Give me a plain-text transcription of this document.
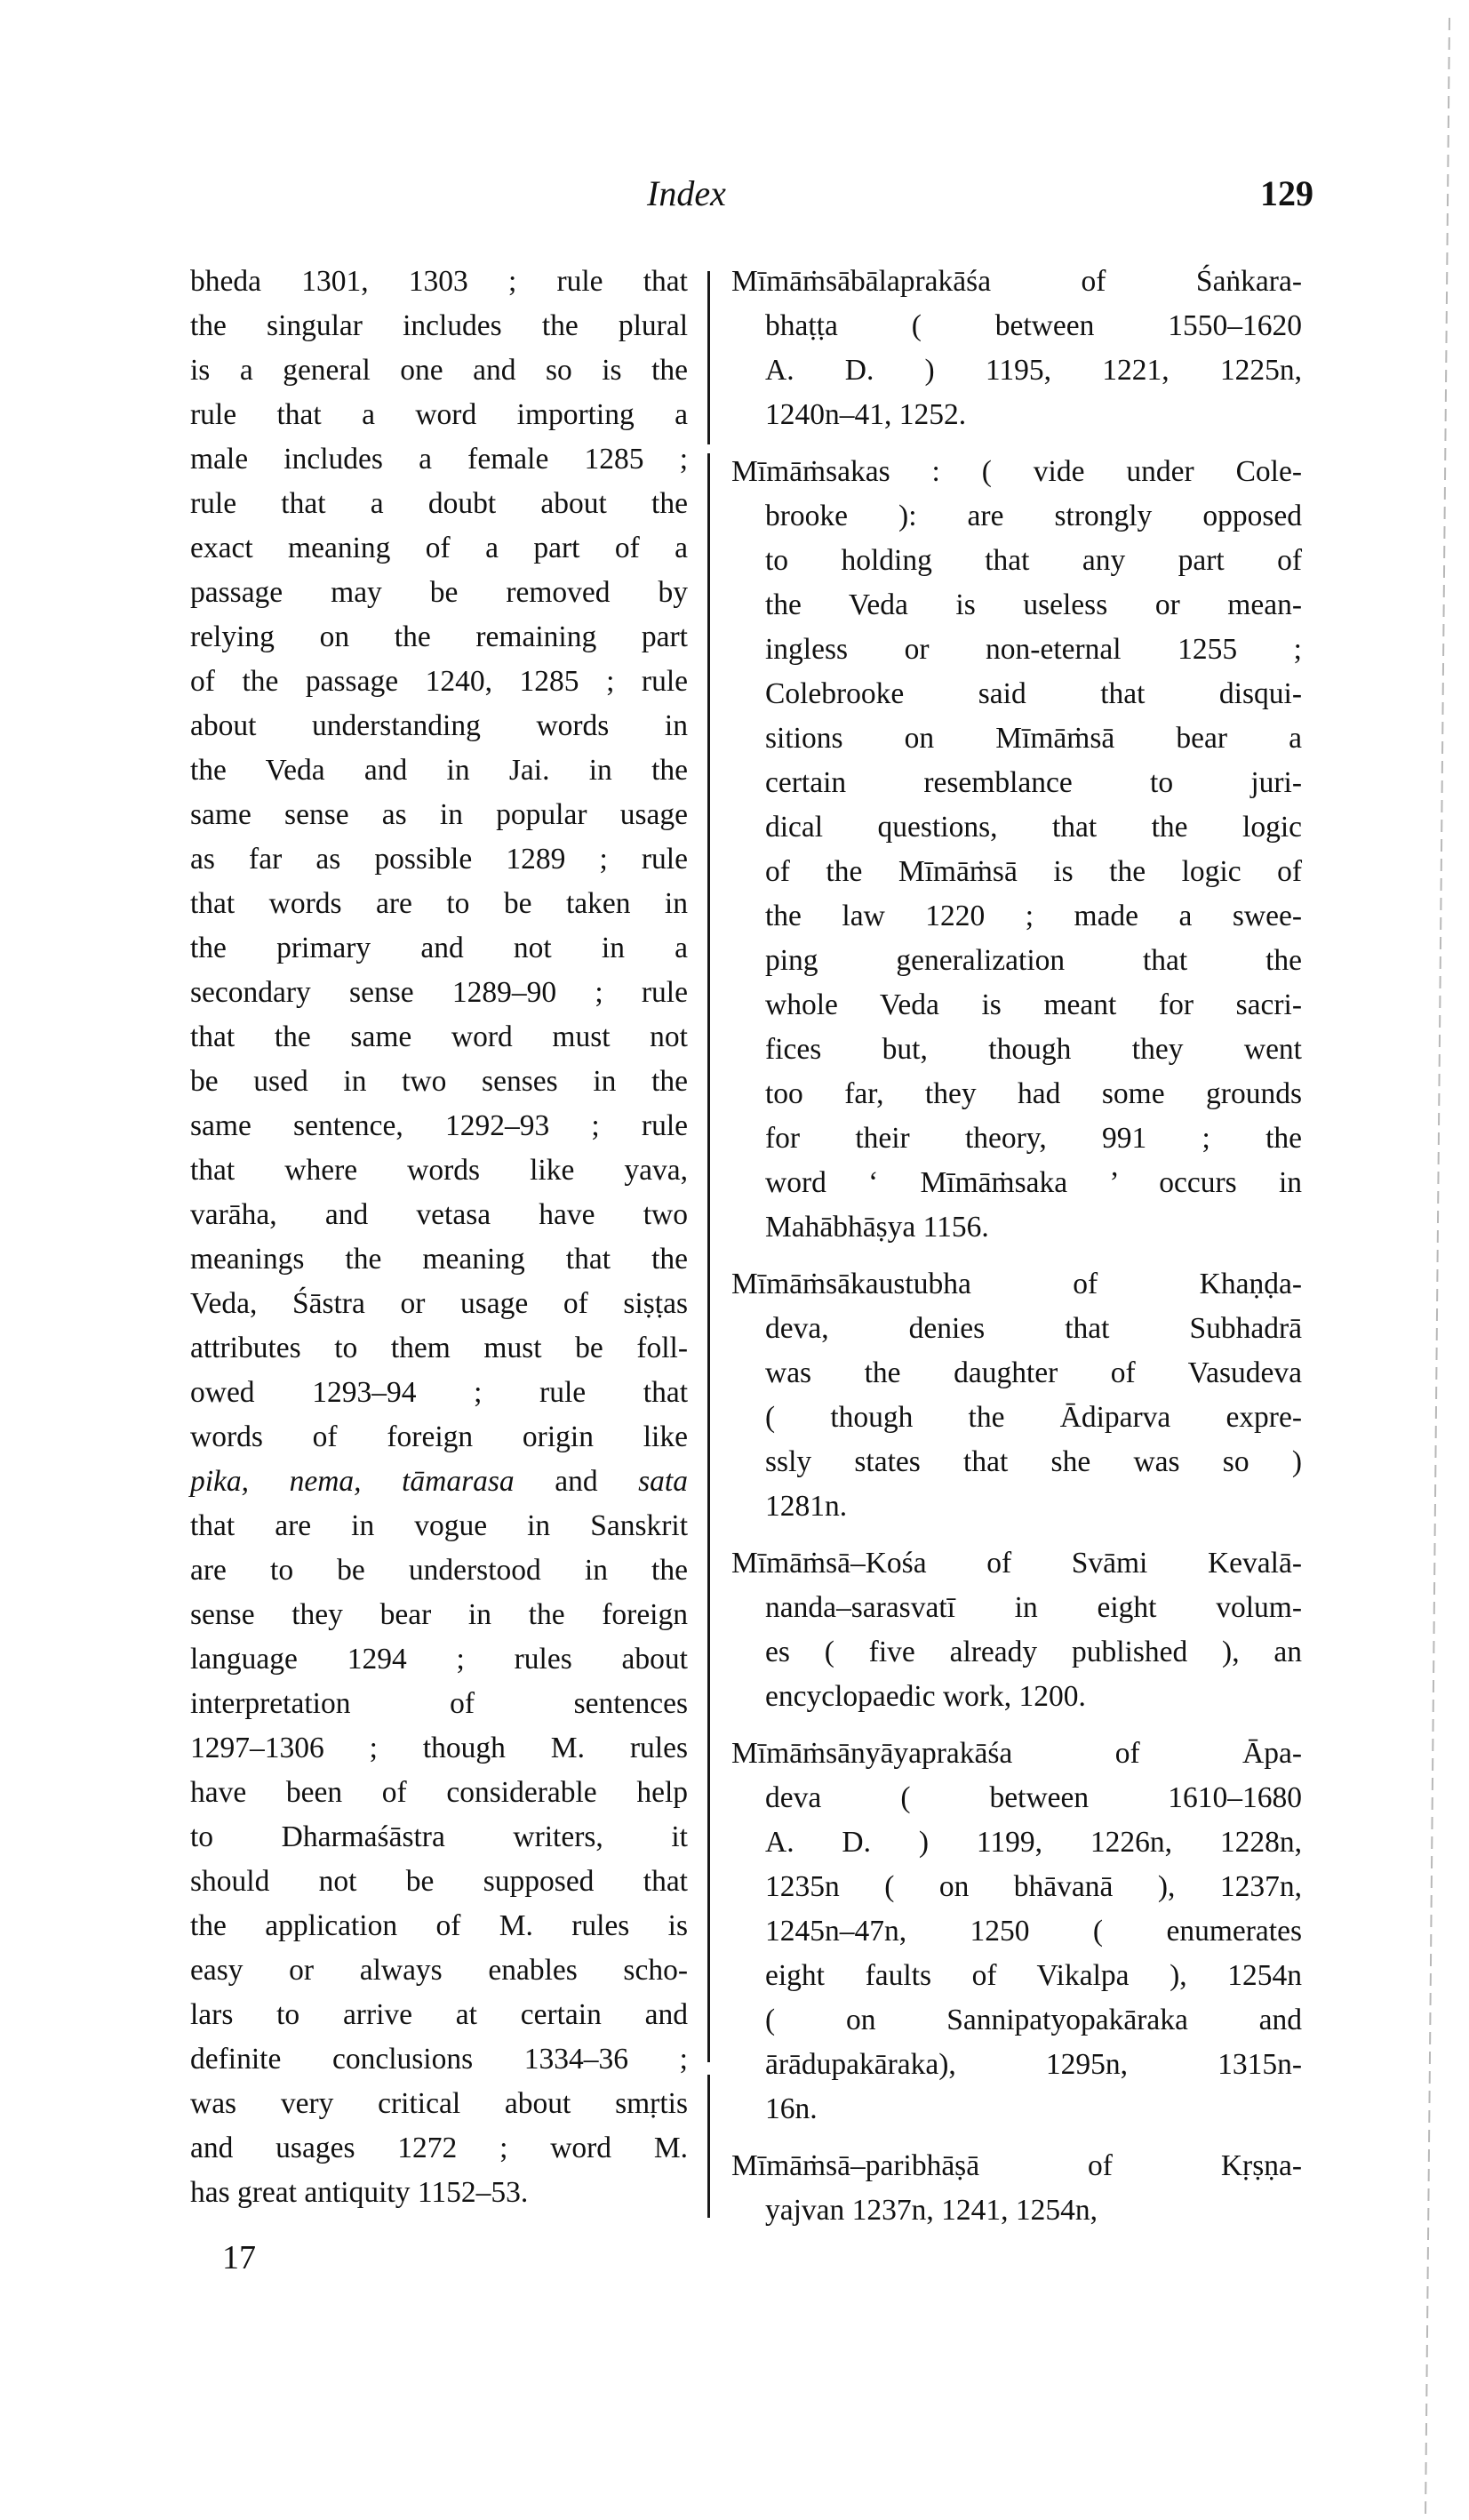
Index	129
bheda 1301, 1303 ; rule that
the singular includes the plural
is a general one and so is the
rule that a word importing a
male includes a female 1285 ;
rule that a doubt about the
exact meaning of a part of a
passage may be removed by
relying on the remaining part
of the passage 1240, 1285 ; rule
about understanding words in
the Veda and in Jai. in the
same sense as in popular usage
as far as possible 1289 ; rule
that words are to be taken in
the primary and not in a
secondary sense 1289–90 ; rule
that the same word must not
be used in two senses in the
same sentence, 1292–93 ; rule
that where words like yava,
varāha, and vetasa have two
meanings the meaning that the
Veda, Śāstra or usage of siṣṭas
attributes to them must be foll-
owed 1293–94 ; rule that
words of foreign origin like
pika, nema, tāmarasa and sata
that are in vogue in Sanskrit
are to be understood in the
sense they bear in the foreign
language 1294 ; rules about
interpretation of sentences
1297–1306 ; though M. rules
have been of considerable help
to Dharmaśāstra writers, it
should not be supposed that
the application of M. rules is
easy or always enables scho-
lars to arrive at certain and
definite conclusions 1334–36 ;
was very critical about smṛtis
and usages 1272 ; word M.
has great antiquity 1152–53.
Mīmāṁsābālaprakāśa of Śaṅkara-
bhaṭṭa ( between 1550–1620
A. D. ) 1195, 1221, 1225n,
1240n–41, 1252.
Mīmāṁsakas : ( vide under Cole-
brooke ): are strongly opposed
to holding that any part of
the Veda is useless or mean-
ingless or non-eternal 1255 ;
Colebrooke said that disqui-
sitions on Mīmāṁsā bear a
certain resemblance to juri-
dical questions, that the logic
of the Mīmāṁsā is the logic of
the law 1220 ; made a swee-
ping generalization that the
whole Veda is meant for sacri-
fices but, though they went
too far, they had some grounds
for their theory, 991 ; the
word ‘ Mīmāṁsaka ’ occurs in
Mahābhāṣya 1156.
Mīmāṁsākaustubha of Khaṇḍa-
deva, denies that Subhadrā
was the daughter of Vasudeva
( though the Ādiparva expre-
ssly states that she was so )
1281n.
Mīmāṁsā–Kośa of Svāmi Kevalā-
nanda–sarasvatī in eight volum-
es ( five already published ), an
encyclopaedic work, 1200.
Mīmāṁsānyāyaprakāśa of Āpa-
deva ( between 1610–1680
A. D. ) 1199, 1226n, 1228n,
1235n ( on bhāvanā ), 1237n,
1245n–47n, 1250 ( enumerates
eight faults of Vikalpa ), 1254n
( on Sannipatyopakāraka and
ārādupakāraka), 1295n, 1315n-
16n.
Mīmāṁsā–paribhāṣā of Kṛṣṇa-
yajvan 1237n, 1241, 1254n,
17
